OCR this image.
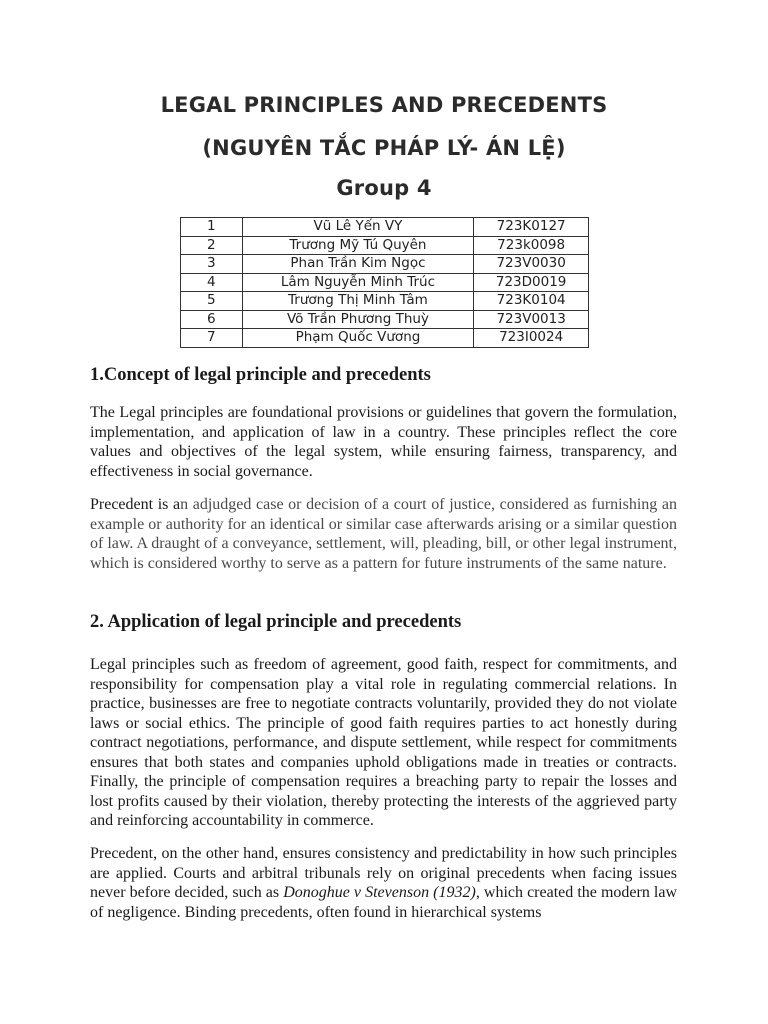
LEGAL PRINCIPLES AND PRECEDENTS
(NGUYÊN TẮC PHÁP LÝ- ÁN LỆ)
Group 4
1	Vũ Lê Yến VY	723K0127
2	Trương Mỹ Tú Quyên	723k0098
3	Phan Trần Kim Ngọc	723V0030
4	Lâm Nguyễn Minh Trúc	723D0019
5	Trương Thị Minh Tâm	723K0104
6	Võ Trần Phương Thuỳ	723V0013
7	Phạm Quốc Vương	723I0024
1.Concept of legal principle and precedents

The Legal principles are foundational provisions or guidelines that govern the formulation, implementation, and application of law in a country. These principles reflect the core values and objectives of the legal system, while ensuring fairness, transparency, and effectiveness in social governance.

Precedent is an adjudged case or decision of a court of justice, considered as furnishing an example or authority for an identical or similar case afterwards arising or a similar question of law. A draught of a conveyance, settlement, will, pleading, bill, or other legal instrument, which is considered worthy to serve as a pattern for future instruments of the same nature.

2. Application of legal principle and precedents

Legal principles such as freedom of agreement, good faith, respect for commitments, and responsibility for compensation play a vital role in regulating commercial relations. In practice, businesses are free to negotiate contracts voluntarily, provided they do not violate laws or social ethics. The principle of good faith requires parties to act honestly during contract negotiations, performance, and dispute settlement, while respect for commitments ensures that both states and companies uphold obligations made in treaties or contracts. Finally, the principle of compensation requires a breaching party to repair the losses and lost profits caused by their violation, thereby protecting the interests of the aggrieved party and reinforcing accountability in commerce.

Precedent, on the other hand, ensures consistency and predictability in how such principles are applied. Courts and arbitral tribunals rely on original precedents when facing issues never before decided, such as Donoghue v Stevenson (1932), which created the modern law of negligence. Binding precedents, often found in hierarchical systems
